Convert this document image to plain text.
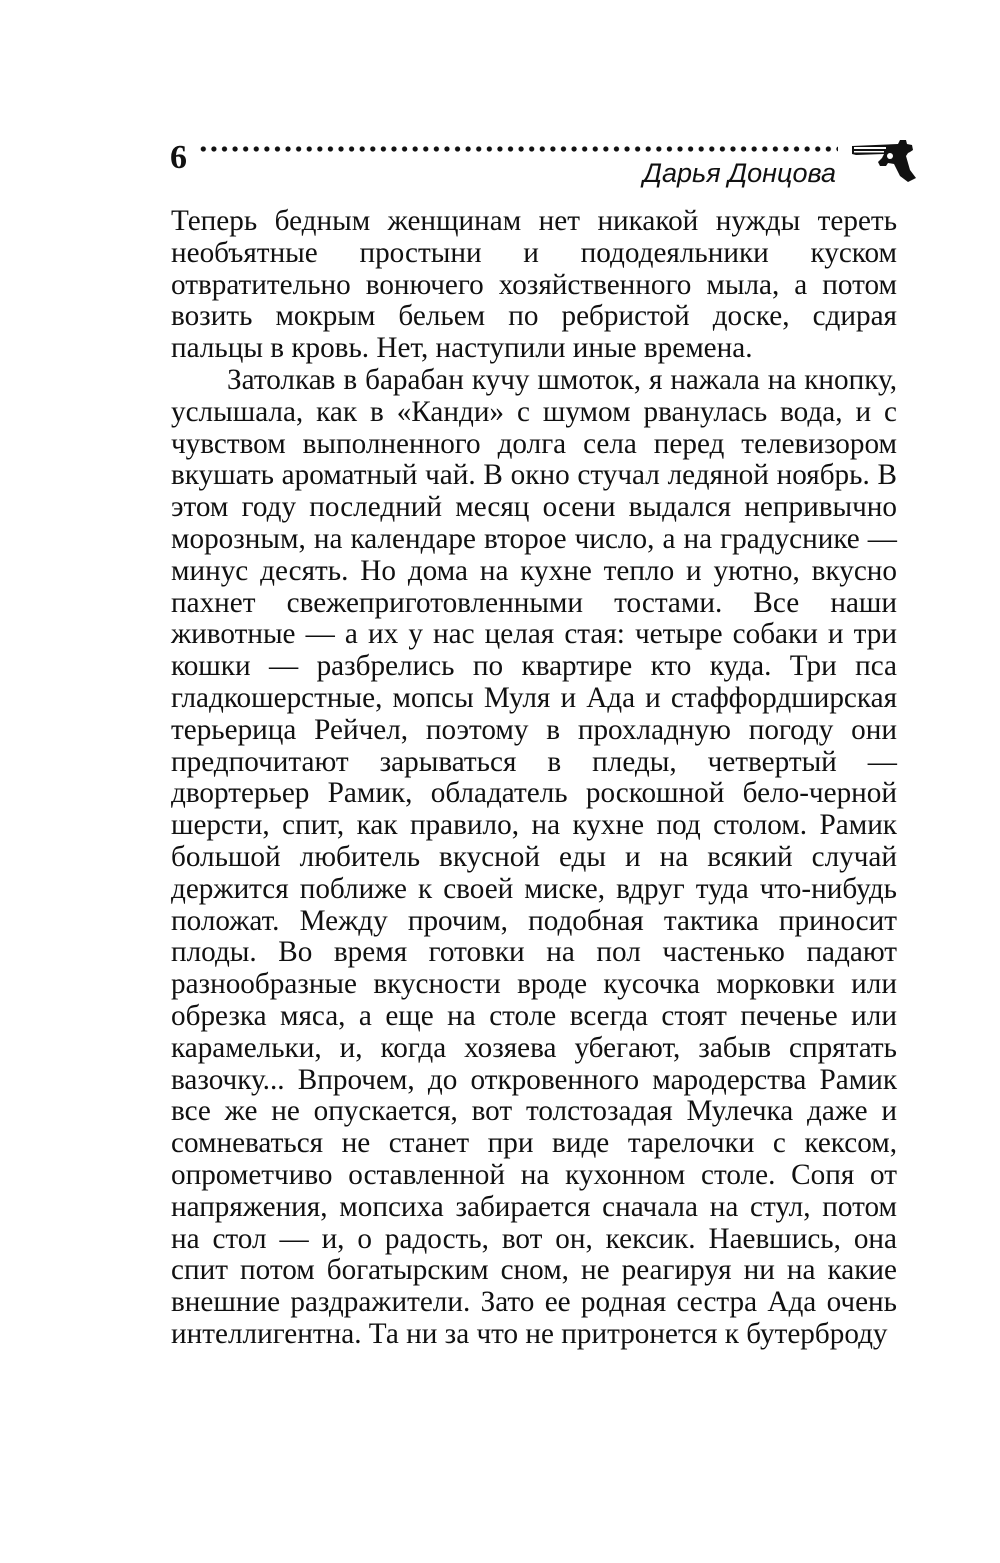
6	Дарья Донцова

Теперь бедным женщинам нет никакой нужды тереть необъятные простыни и пододеяльники куском отвратительно вонючего хозяйственного мыла, а потом возить мокрым бельем по ребристой доске, сдирая пальцы в кровь. Нет, наступили иные времена.

Затолкав в барабан кучу шмоток, я нажала на кнопку, услышала, как в «Канди» с шумом рванулась вода, и с чувством выполненного долга села перед телевизором вкушать ароматный чай. В окно стучал ледяной ноябрь. В этом году последний месяц осени выдался непривычно морозным, на календаре второе число, а на градуснике — минус десять. Но дома на кухне тепло и уютно, вкусно пахнет свежеприготовленными тостами. Все наши животные — а их у нас целая стая: четыре собаки и три кошки — разбрелись по квартире кто куда. Три пса гладкошерстные, мопсы Муля и Ада и стаффордширская терьерица Рейчел, поэтому в прохладную погоду они предпочитают зарываться в пледы, четвертый — двортерьер Рамик, обладатель роскошной бело-черной шерсти, спит, как правило, на кухне под столом. Рамик большой любитель вкусной еды и на всякий случай держится поближе к своей миске, вдруг туда что-нибудь положат. Между прочим, подобная тактика приносит плоды. Во время готовки на пол частенько падают разнообразные вкусности вроде кусочка морковки или обрезка мяса, а еще на столе всегда стоят печенье или карамельки, и, когда хозяева убегают, забыв спрятать вазочку... Впрочем, до откровенного мародерства Рамик все же не опускается, вот толстозадая Мулечка даже и сомневаться не станет при виде тарелочки с кексом, опрометчиво оставленной на кухонном столе. Сопя от напряжения, мопсиха забирается сначала на стул, потом на стол — и, о радость, вот он, кексик. Наевшись, она спит потом богатырским сном, не реагируя ни на какие внешние раздражители. Зато ее родная сестра Ада очень интеллигентна. Та ни за что не притронется к бутерброду
